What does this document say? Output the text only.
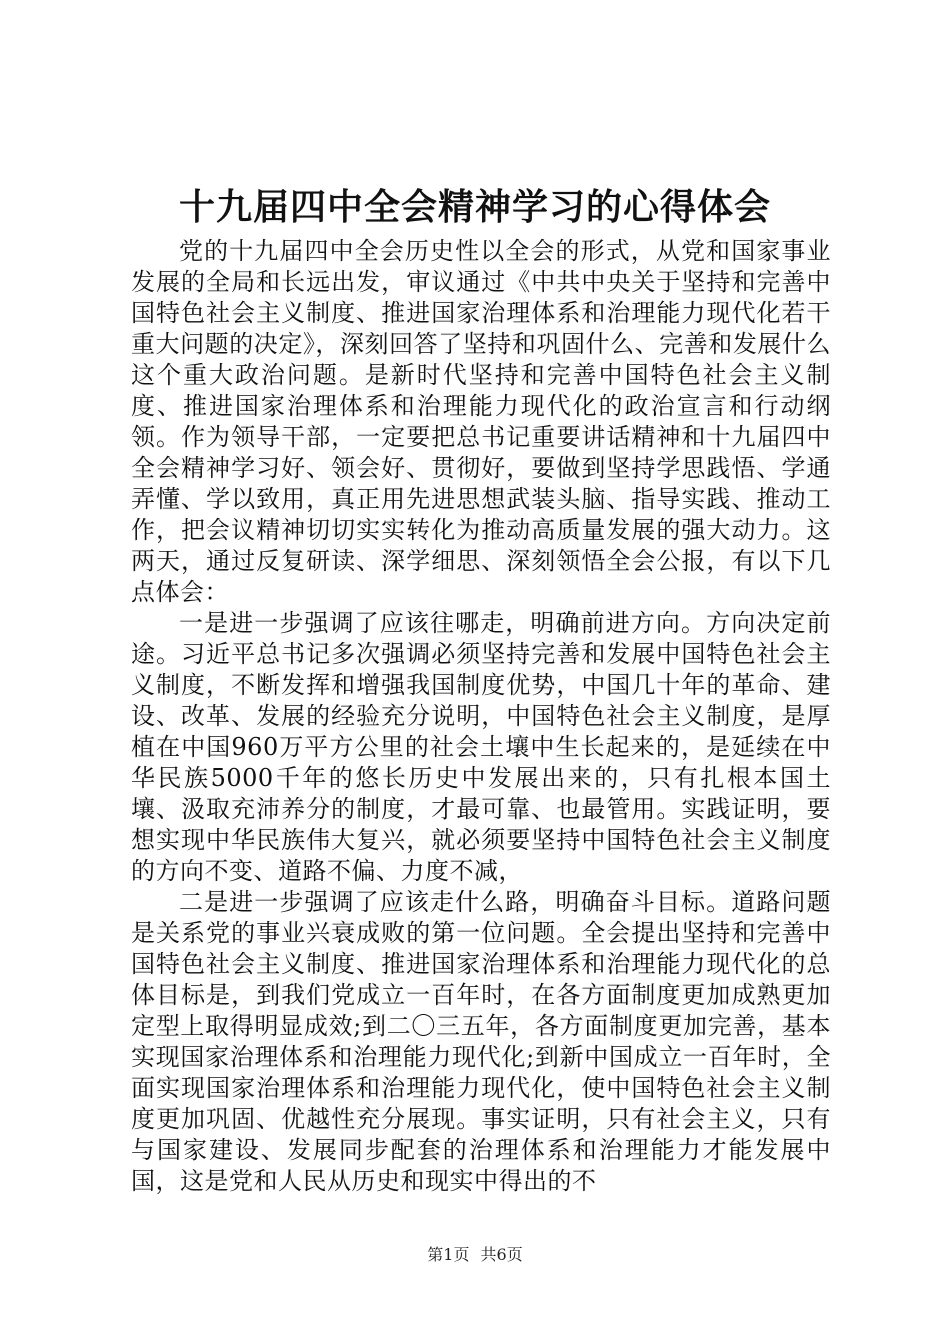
十九届四中全会精神学习的心得体会

党的十九届四中全会历史性以全会的形式，从党和国家事业发展的全局和长远出发，审议通过《中共中央关于坚持和完善中国特色社会主义制度、推进国家治理体系和治理能力现代化若干重大问题的决定》，深刻回答了坚持和巩固什么、完善和发展什么这个重大政治问题。是新时代坚持和完善中国特色社会主义制度、推进国家治理体系和治理能力现代化的政治宣言和行动纲领。作为领导干部，一定要把总书记重要讲话精神和十九届四中全会精神学习好、领会好、贯彻好，要做到坚持学思践悟、学通弄懂、学以致用，真正用先进思想武装头脑、指导实践、推动工作，把会议精神切切实实转化为推动高质量发展的强大动力。这两天，通过反复研读、深学细思、深刻领悟全会公报，有以下几点体会：

一是进一步强调了应该往哪走，明确前进方向。方向决定前途。习近平总书记多次强调必须坚持完善和发展中国特色社会主义制度，不断发挥和增强我国制度优势，中国几十年的革命、建设、改革、发展的经验充分说明，中国特色社会主义制度，是厚植在中国960万平方公里的社会土壤中生长起来的，是延续在中华民族5000千年的悠长历史中发展出来的，只有扎根本国土壤、汲取充沛养分的制度，才最可靠、也最管用。实践证明，要想实现中华民族伟大复兴，就必须要坚持中国特色社会主义制度的方向不变、道路不偏、力度不减，

二是进一步强调了应该走什么路，明确奋斗目标。道路问题是关系党的事业兴衰成败的第一位问题。全会提出坚持和完善中国特色社会主义制度、推进国家治理体系和治理能力现代化的总体目标是，到我们党成立一百年时，在各方面制度更加成熟更加定型上取得明显成效;到二〇三五年，各方面制度更加完善，基本实现国家治理体系和治理能力现代化;到新中国成立一百年时，全面实现国家治理体系和治理能力现代化，使中国特色社会主义制度更加巩固、优越性充分展现。事实证明，只有社会主义，只有与国家建设、发展同步配套的治理体系和治理能力才能发展中国，这是党和人民从历史和现实中得出的不

第1页 共6页
